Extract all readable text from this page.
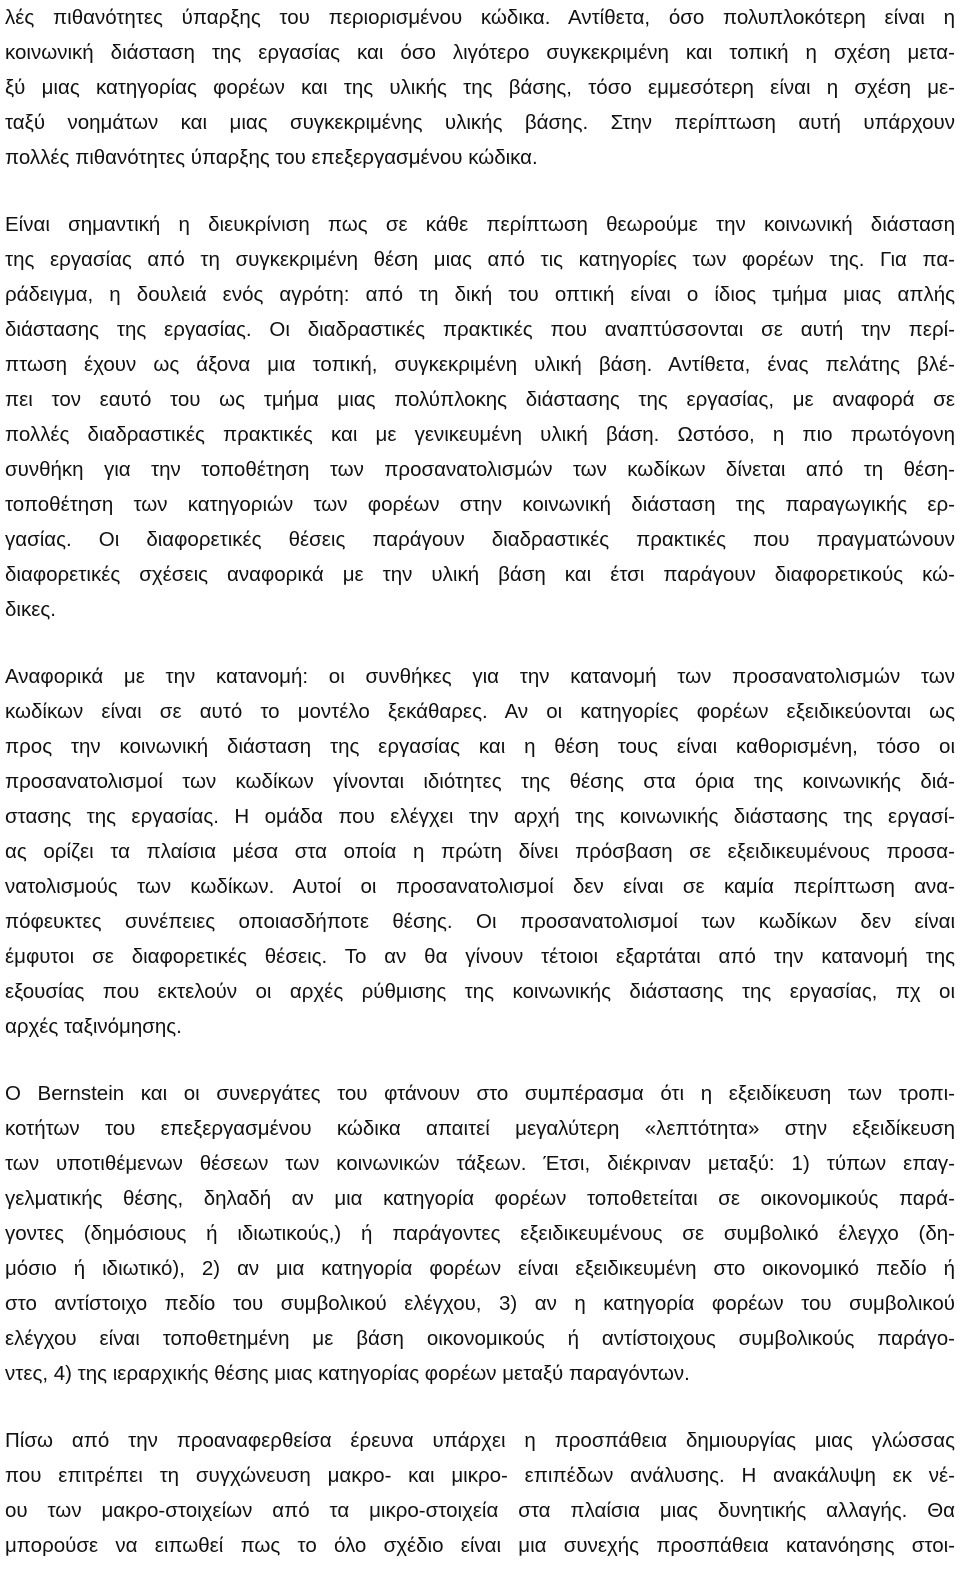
λές πιθανότητες ύπαρξης του περιορισμένου κώδικα. Αντίθετα, όσο πολυπλοκότερη είναι η
κοινωνική διάσταση της εργασίας και όσο λιγότερο συγκεκριμένη και τοπική η σχέση μετα-
ξύ μιας κατηγορίας φορέων και της υλικής της βάσης, τόσο εμμεσότερη είναι η σχέση με-
ταξύ νοημάτων και μιας συγκεκριμένης υλικής βάσης. Στην περίπτωση αυτή υπάρχουν
πολλές πιθανότητες ύπαρξης του επεξεργασμένου κώδικα.
Είναι σημαντική η διευκρίνιση πως σε κάθε περίπτωση θεωρούμε την κοινωνική διάσταση
της εργασίας από τη συγκεκριμένη θέση μιας από τις κατηγορίες των φορέων της. Για πα-
ράδειγμα, η δουλειά ενός αγρότη: από τη δική του οπτική είναι ο ίδιος τμήμα μιας απλής
διάστασης της εργασίας. Οι διαδραστικές πρακτικές που αναπτύσσονται σε αυτή την περί-
πτωση έχουν ως άξονα μια τοπική, συγκεκριμένη υλική βάση. Αντίθετα, ένας πελάτης βλέ-
πει τον εαυτό του ως τμήμα μιας πολύπλοκης διάστασης της εργασίας, με αναφορά σε
πολλές διαδραστικές πρακτικές και με γενικευμένη υλική βάση. Ωστόσο, η πιο πρωτόγονη
συνθήκη για την τοποθέτηση των προσανατολισμών των κωδίκων δίνεται από τη θέση-
τοποθέτηση των κατηγοριών των φορέων στην κοινωνική διάσταση της παραγωγικής ερ-
γασίας. Οι διαφορετικές θέσεις παράγουν διαδραστικές πρακτικές που πραγματώνουν
διαφορετικές σχέσεις αναφορικά με την υλική βάση και έτσι παράγουν διαφορετικούς κώ-
δικες.
Αναφορικά με την κατανομή: οι συνθήκες για την κατανομή των προσανατολισμών των
κωδίκων είναι σε αυτό το μοντέλο ξεκάθαρες. Αν οι κατηγορίες φορέων εξειδικεύονται ως
προς την κοινωνική διάσταση της εργασίας και η θέση τους είναι καθορισμένη, τόσο οι
προσανατολισμοί των κωδίκων γίνονται ιδιότητες της θέσης στα όρια της κοινωνικής διά-
στασης της εργασίας. Η ομάδα που ελέγχει την αρχή της κοινωνικής διάστασης της εργασί-
ας ορίζει τα πλαίσια μέσα στα οποία η πρώτη δίνει πρόσβαση σε εξειδικευμένους προσα-
νατολισμούς των κωδίκων. Αυτοί οι προσανατολισμοί δεν είναι σε καμία περίπτωση ανα-
πόφευκτες συνέπειες οποιασδήποτε θέσης. Οι προσανατολισμοί των κωδίκων δεν είναι
έμφυτοι σε διαφορετικές θέσεις. Το αν θα γίνουν τέτοιοι εξαρτάται από την κατανομή της
εξουσίας που εκτελούν οι αρχές ρύθμισης της κοινωνικής διάστασης της εργασίας, πχ οι
αρχές ταξινόμησης.
Ο Bernstein και οι συνεργάτες του φτάνουν στο συμπέρασμα ότι η εξειδίκευση των τροπι-
κοτήτων του επεξεργασμένου κώδικα απαιτεί μεγαλύτερη «λεπτότητα» στην εξειδίκευση
των υποτιθέμενων θέσεων των κοινωνικών τάξεων. Έτσι, διέκριναν μεταξύ: 1) τύπων επαγ-
γελματικής θέσης, δηλαδή αν μια κατηγορία φορέων τοποθετείται σε οικονομικούς παρά-
γοντες (δημόσιους ή ιδιωτικούς,) ή παράγοντες εξειδικευμένους σε συμβολικό έλεγχο (δη-
μόσιο ή ιδιωτικό), 2) αν μια κατηγορία φορέων είναι εξειδικευμένη στο οικονομικό πεδίο ή
στο αντίστοιχο πεδίο του συμβολικού ελέγχου, 3) αν η κατηγορία φορέων του συμβολικού
ελέγχου είναι τοποθετημένη με βάση οικονομικούς ή αντίστοιχους συμβολικούς παράγο-
ντες, 4) της ιεραρχικής θέσης μιας κατηγορίας φορέων μεταξύ παραγόντων.
Πίσω από την προαναφερθείσα έρευνα υπάρχει η προσπάθεια δημιουργίας μιας γλώσσας
που επιτρέπει τη συγχώνευση μακρο- και μικρο- επιπέδων ανάλυσης. Η ανακάλυψη εκ νέ-
ου των μακρο-στοιχείων από τα μικρο-στοιχεία στα πλαίσια μιας δυνητικής αλλαγής. Θα
μπορούσε να ειπωθεί πως το όλο σχέδιο είναι μια συνεχής προσπάθεια κατανόησης στοι-
